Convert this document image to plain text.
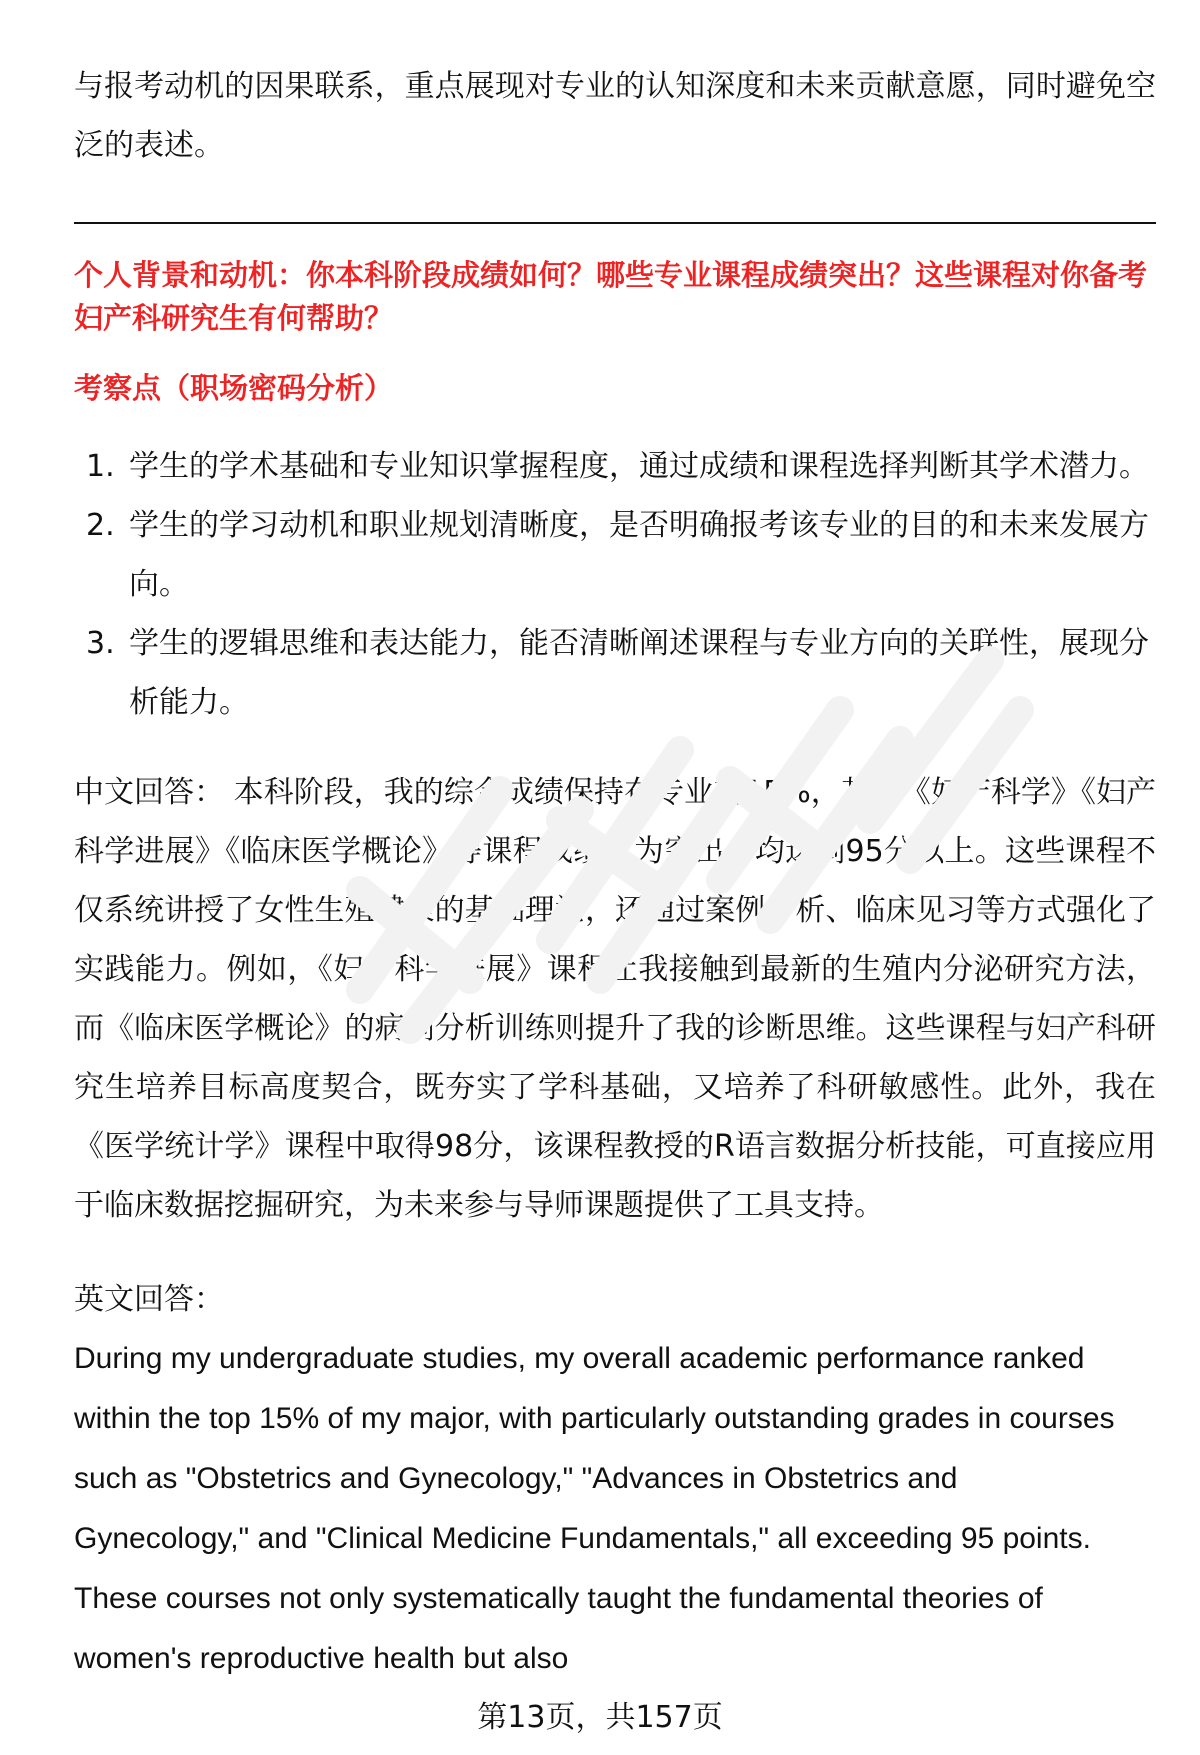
与报考动机的因果联系，重点展现对专业的认知深度和未来贡献意愿，同时避免空泛的表述。

个人背景和动机：你本科阶段成绩如何？哪些专业课程成绩突出？这些课程对你备考妇产科研究生有何帮助？

考察点（职场密码分析）

1. 学生的学术基础和专业知识掌握程度，通过成绩和课程选择判断其学术潜力。
2. 学生的学习动机和职业规划清晰度，是否明确报考该专业的目的和未来发展方向。
3. 学生的逻辑思维和表达能力，能否清晰阐述课程与专业方向的关联性，展现分析能力。

中文回答： 本科阶段，我的综合成绩保持在专业前15%，其中《妇产科学》《妇产科学进展》《临床医学概论》等课程成绩尤为突出，均达到95分以上。这些课程不仅系统讲授了女性生殖健康的基础理论，还通过案例分析、临床见习等方式强化了实践能力。例如，《妇产科学进展》课程让我接触到最新的生殖内分泌研究方法，而《临床医学概论》的病例分析训练则提升了我的诊断思维。这些课程与妇产科研究生培养目标高度契合，既夯实了学科基础，又培养了科研敏感性。此外，我在《医学统计学》课程中取得98分，该课程教授的R语言数据分析技能，可直接应用于临床数据挖掘研究，为未来参与导师课题提供了工具支持。

英文回答：

During my undergraduate studies, my overall academic performance ranked within the top 15% of my major, with particularly outstanding grades in courses such as "Obstetrics and Gynecology," "Advances in Obstetrics and Gynecology," and "Clinical Medicine Fundamentals," all exceeding 95 points. These courses not only systematically taught the fundamental theories of women's reproductive health but also

第13页，共157页
